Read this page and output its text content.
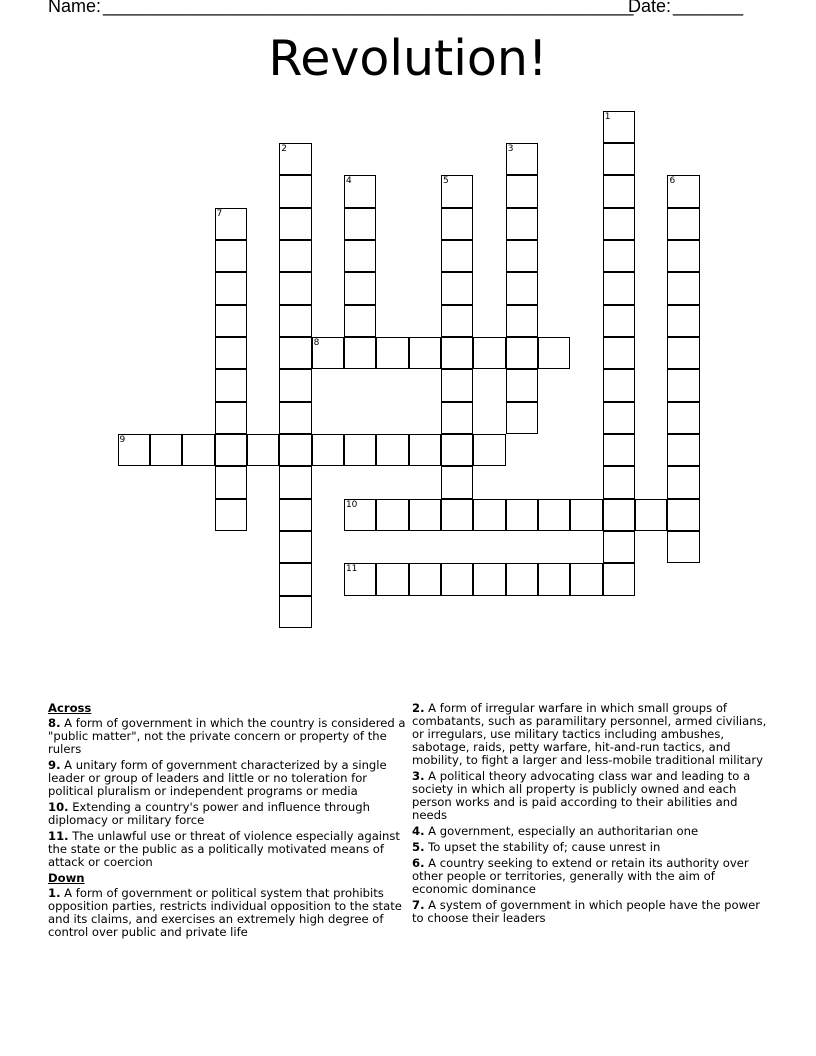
Name: _____________________________________________________
Date: _______
Revolution!
1
2	3
4	5	6
7
8
9
10
11
Across
8. A form of government in which the country is considered a "public matter", not the private concern or property of the rulers
9. A unitary form of government characterized by a single leader or group of leaders and little or no toleration for political pluralism or independent programs or media
10. Extending a country's power and influence through diplomacy or military force
11. The unlawful use or threat of violence especially against the state or the public as a politically motivated means of attack or coercion
Down
1. A form of government or political system that prohibits opposition parties, restricts individual opposition to the state and its claims, and exercises an extremely high degree of control over public and private life
2. A form of irregular warfare in which small groups of combatants, such as paramilitary personnel, armed civilians, or irregulars, use military tactics including ambushes, sabotage, raids, petty warfare, hit-and-run tactics, and mobility, to fight a larger and less-mobile traditional military
3. A political theory advocating class war and leading to a society in which all property is publicly owned and each person works and is paid according to their abilities and needs
4. A government, especially an authoritarian one
5. To upset the stability of; cause unrest in
6. A country seeking to extend or retain its authority over other people or territories, generally with the aim of economic dominance
7. A system of government in which people have the power to choose their leaders
